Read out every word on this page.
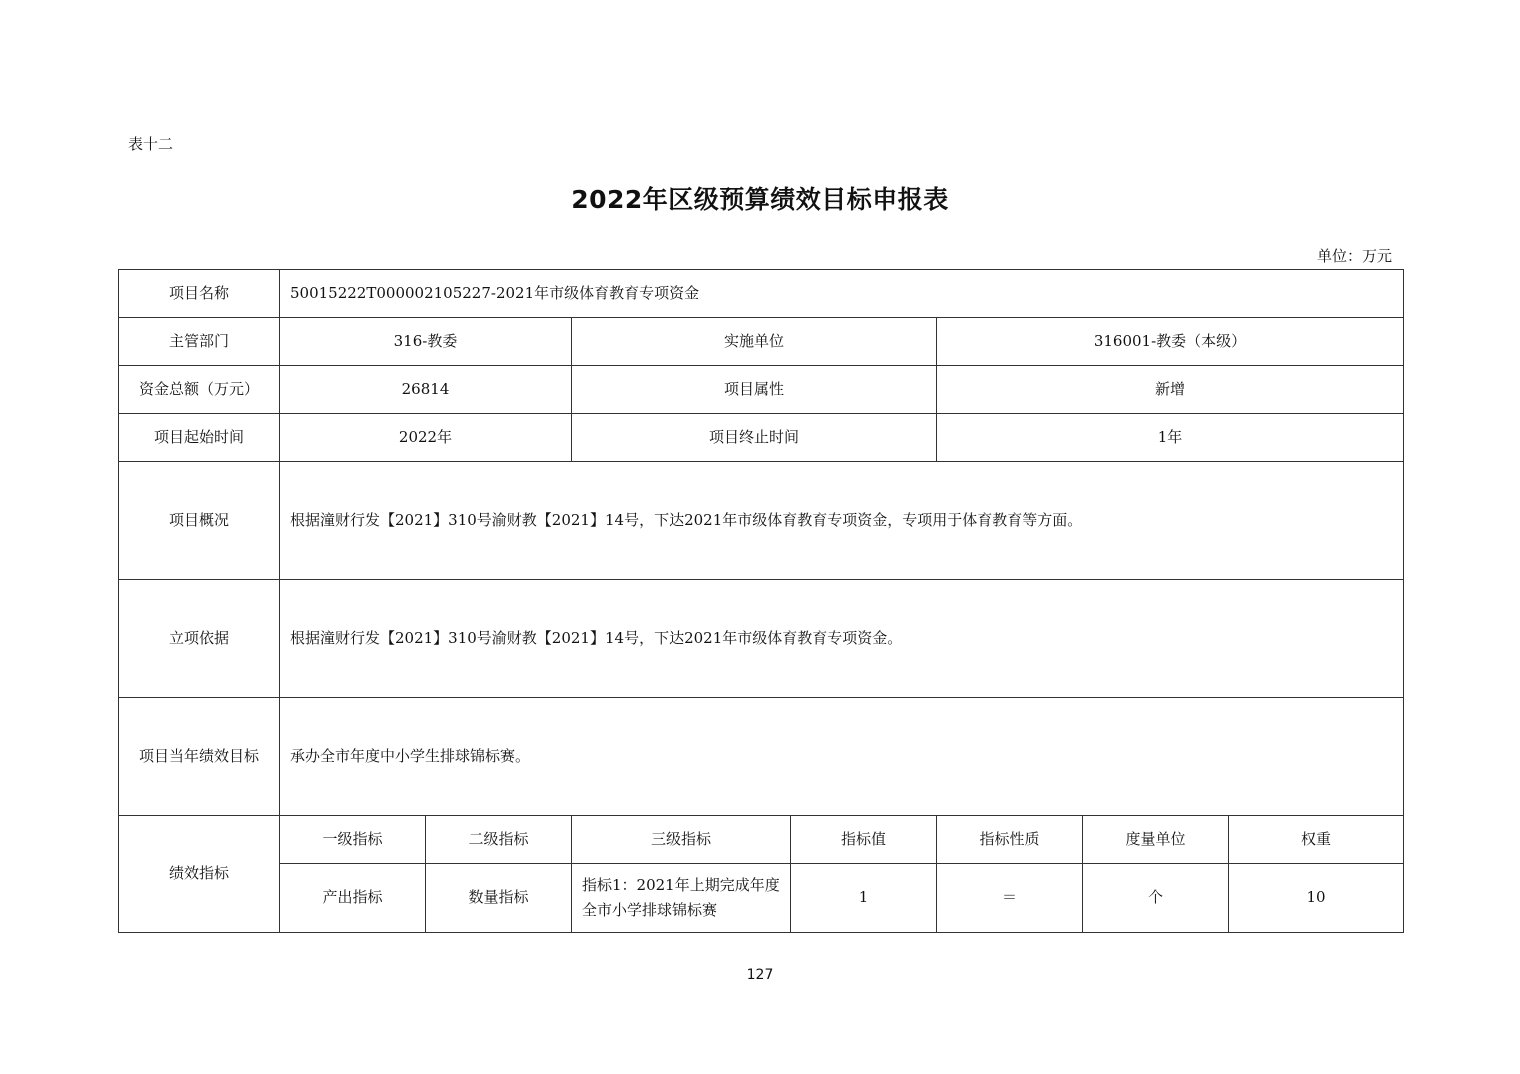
表十二
2022年区级预算绩效目标申报表
单位：万元
项目名称	50015222T000002105227-2021年市级体育教育专项资金						
主管部门	316-教委		实施单位		316001-教委（本级）		
资金总额（万元）	26814		项目属性		新增		
项目起始时间	2022年		项目终止时间		1年		
项目概况	根据潼财行发【2021】310号渝财教【2021】14号，下达2021年市级体育教育专项资金，专项用于体育教育等方面。						
立项依据	根据潼财行发【2021】310号渝财教【2021】14号，下达2021年市级体育教育专项资金。						
项目当年绩效目标	承办全市年度中小学生排球锦标赛。						
绩效指标	一级指标	二级指标	三级指标	指标值	指标性质	度量单位	权重
	产出指标	数量指标	指标1：2021年上期完成年度全市小学排球锦标赛	1	＝	个	10
127
